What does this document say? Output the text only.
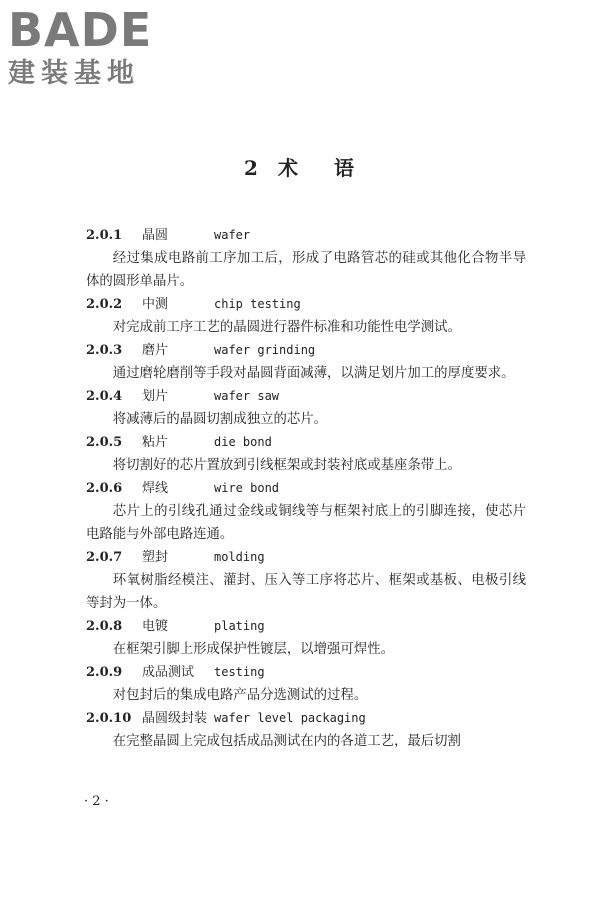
BADE
建装基地
2 术 语
2.0.1 晶圆	wafer

经过集成电路前工序加工后，形成了电路管芯的硅或其他化合物半导体的圆形单晶片。

2.0.2 中测	chip testing

对完成前工序工艺的晶圆进行器件标准和功能性电学测试。

2.0.3 磨片	wafer grinding

通过磨轮磨削等手段对晶圆背面减薄，以满足划片加工的厚度要求。

2.0.4 划片	wafer saw

将减薄后的晶圆切割成独立的芯片。

2.0.5 粘片	die bond

将切割好的芯片置放到引线框架或封装衬底或基座条带上。

2.0.6 焊线	wire bond

芯片上的引线孔通过金线或铜线等与框架衬底上的引脚连接，使芯片电路能与外部电路连通。

2.0.7 塑封	molding

环氧树脂经模注、灌封、压入等工序将芯片、框架或基板、电极引线等封为一体。

2.0.8 电镀	plating

在框架引脚上形成保护性镀层，以增强可焊性。

2.0.9 成品测试 testing

对包封后的集成电路产品分选测试的过程。

2.0.10 晶圆级封装 wafer level packaging

在完整晶圆上完成包括成品测试在内的各道工艺，最后切割

· 2 ·
